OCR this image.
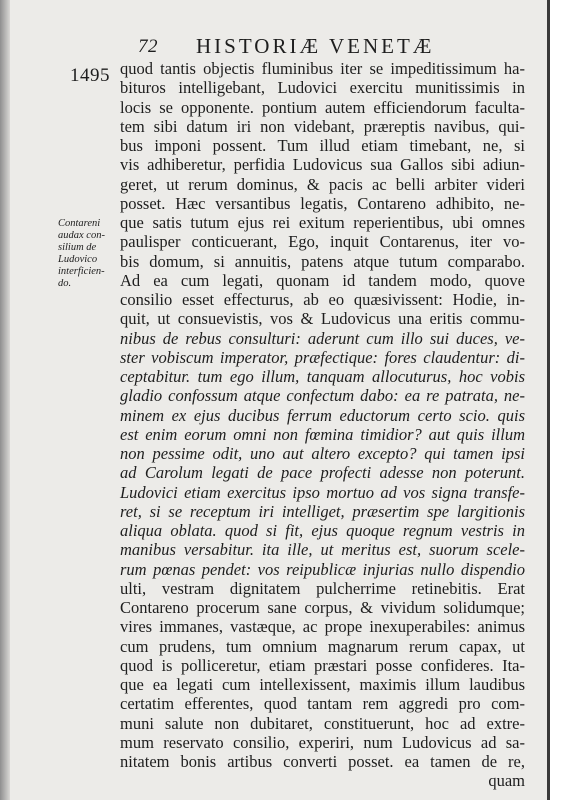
72 HISTORIÆ VENETÆ
1495
Contareni
audax con-
silium de
Ludovico
interficien-
do.
quod tantis objectis fluminibus iter se impeditissimum ha-
bituros intelligebant, Ludovici exercitu munitissimis in
locis se opponente. pontium autem efficiendorum faculta-
tem sibi datum iri non videbant, præreptis navibus, qui-
bus imponi possent. Tum illud etiam timebant, ne, si
vis adhiberetur, perfidia Ludovicus sua Gallos sibi adiun-
geret, ut rerum dominus, & pacis ac belli arbiter videri
posset. Hæc versantibus legatis, Contareno adhibito, ne-
que satis tutum ejus rei exitum reperientibus, ubi omnes
paulisper conticuerant, Ego, inquit Contarenus, iter vo-
bis domum, si annuitis, patens atque tutum comparabo.
Ad ea cum legati, quonam id tandem modo, quove
consilio esset effecturus, ab eo quæsivissent: Hodie, in-
quit, ut consuevistis, vos & Ludovicus una eritis commu-
nibus de rebus consulturi: aderunt cum illo sui duces, ve-
ster vobiscum imperator, præfectique: fores claudentur: di-
ceptabitur. tum ego illum, tanquam allocuturus, hoc vobis
gladio confossum atque confectum dabo: ea re patrata, ne-
minem ex ejus ducibus ferrum eductorum certo scio. quis
est enim eorum omni non fœmina timidior? aut quis illum
non pessime odit, uno aut altero excepto? qui tamen ipsi
ad Carolum legati de pace profecti adesse non poterunt.
Ludovici etiam exercitus ipso mortuo ad vos signa transfe-
ret, si se receptum iri intelliget, præsertim spe largitionis
aliqua oblata. quod si fit, ejus quoque regnum vestris in
manibus versabitur. ita ille, ut meritus est, suorum scele-
rum pœnas pendet: vos reipublicæ injurias nullo dispendio
ulti, vestram dignitatem pulcherrime retinebitis. Erat
Contareno procerum sane corpus, & vividum solidumque;
vires immanes, vastæque, ac prope inexuperabiles: animus
cum prudens, tum omnium magnarum rerum capax, ut
quod is polliceretur, etiam præstari posse confideres. Ita-
que ea legati cum intellexissent, maximis illum laudibus
certatim efferentes, quod tantam rem aggredi pro com-
muni salute non dubitaret, constituerunt, hoc ad extre-
mum reservato consilio, experiri, num Ludovicus ad sa-
nitatem bonis artibus converti posset. ea tamen de re,
quam
